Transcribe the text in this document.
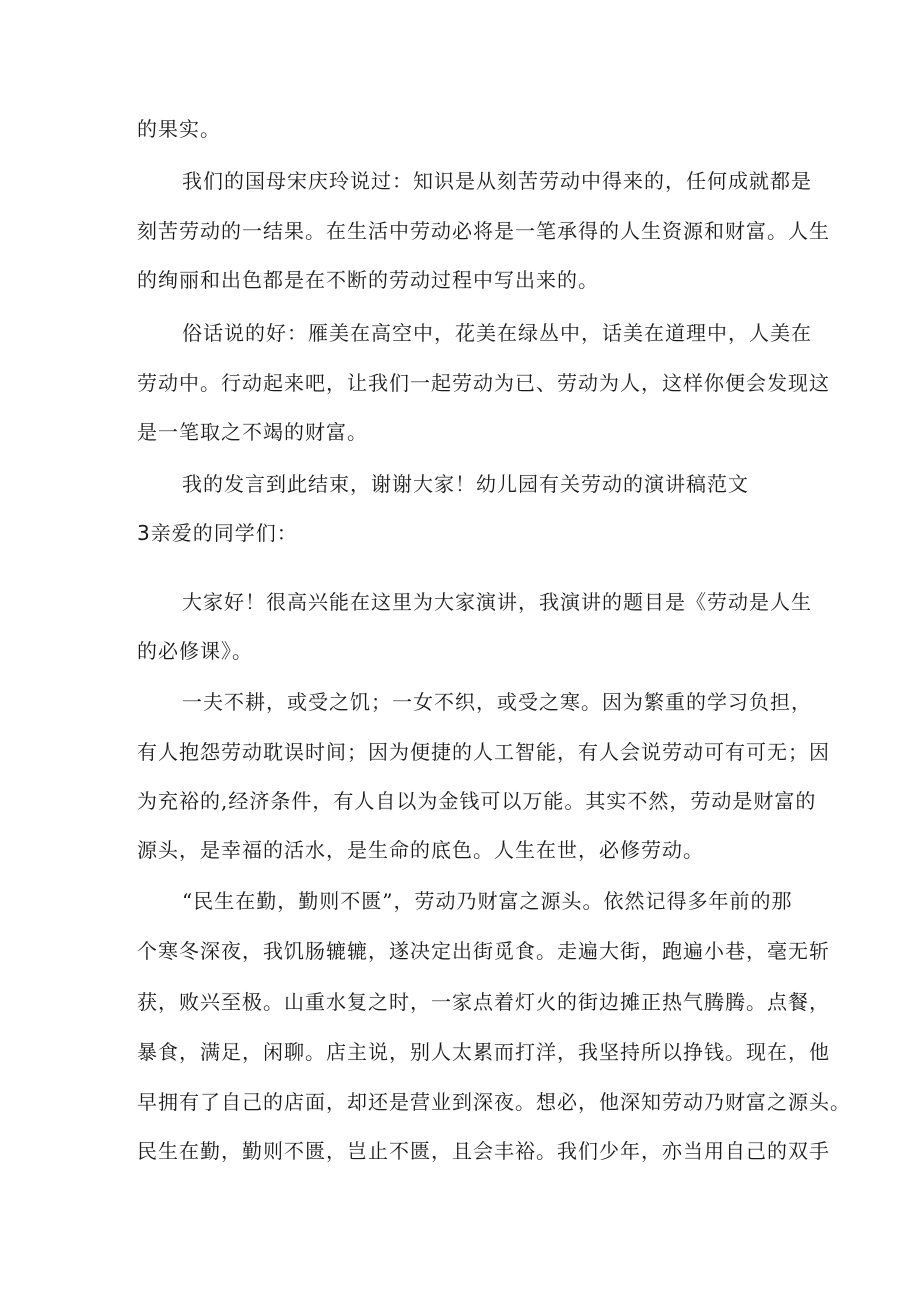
的果实。
我们的国母宋庆玲说过：知识是从刻苦劳动中得来的，任何成就都是
刻苦劳动的一结果。在生活中劳动必将是一笔承得的人生资源和财富。人生
的绚丽和出色都是在不断的劳动过程中写出来的。
俗话说的好：雁美在高空中，花美在绿丛中，话美在道理中，人美在
劳动中。行动起来吧，让我们一起劳动为已、劳动为人，这样你便会发现这
是一笔取之不竭的财富。
我的发言到此结束，谢谢大家！幼儿园有关劳动的演讲稿范文
3亲爱的同学们：
大家好！很高兴能在这里为大家演讲，我演讲的题目是《劳动是人生
的必修课》。
一夫不耕，或受之饥；一女不织，或受之寒。因为繁重的学习负担，
有人抱怨劳动耽误时间；因为便捷的人工智能，有人会说劳动可有可无；因
为充裕的,经济条件，有人自以为金钱可以万能。其实不然，劳动是财富的
源头，是幸福的活水，是生命的底色。人生在世，必修劳动。
“民生在勤，勤则不匮”，劳动乃财富之源头。依然记得多年前的那
个寒冬深夜，我饥肠辘辘，遂决定出街觅食。走遍大街，跑遍小巷，毫无斩
获，败兴至极。山重水复之时，一家点着灯火的街边摊正热气腾腾。点餐，
暴食，满足，闲聊。店主说，别人太累而打洋，我坚持所以挣钱。现在，他
早拥有了自己的店面，却还是营业到深夜。想必，他深知劳动乃财富之源头。
民生在勤，勤则不匮，岂止不匮，且会丰裕。我们少年，亦当用自己的双手
